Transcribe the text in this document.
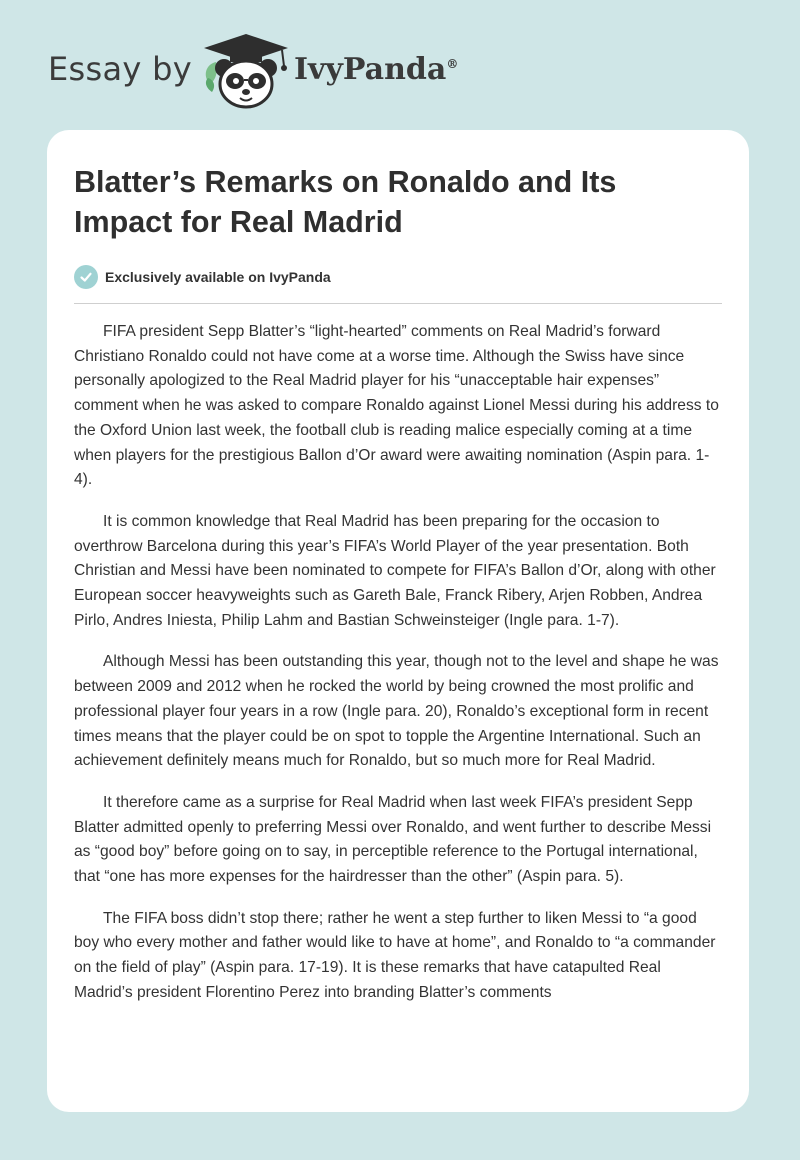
Essay by	IvyPanda®
Blatter’s Remarks on Ronaldo and Its Impact for Real Madrid
Exclusively available on IvyPanda

FIFA president Sepp Blatter’s “light-hearted” comments on Real Madrid’s forward Christiano Ronaldo could not have come at a worse time. Although the Swiss have since personally apologized to the Real Madrid player for his “unacceptable hair expenses” comment when he was asked to compare Ronaldo against Lionel Messi during his address to the Oxford Union last week, the football club is reading malice especially coming at a time when players for the prestigious Ballon d’Or award were awaiting nomination (Aspin para. 1-4).

It is common knowledge that Real Madrid has been preparing for the occasion to overthrow Barcelona during this year’s FIFA’s World Player of the year presentation. Both Christian and Messi have been nominated to compete for FIFA’s Ballon d’Or, along with other European soccer heavyweights such as Gareth Bale, Franck Ribery, Arjen Robben, Andrea Pirlo, Andres Iniesta, Philip Lahm and Bastian Schweinsteiger (Ingle para. 1-7).

Although Messi has been outstanding this year, though not to the level and shape he was between 2009 and 2012 when he rocked the world by being crowned the most prolific and professional player four years in a row (Ingle para. 20), Ronaldo’s exceptional form in recent times means that the player could be on spot to topple the Argentine International. Such an achievement definitely means much for Ronaldo, but so much more for Real Madrid.

It therefore came as a surprise for Real Madrid when last week FIFA’s president Sepp Blatter admitted openly to preferring Messi over Ronaldo, and went further to describe Messi as “good boy” before going on to say, in perceptible reference to the Portugal international, that “one has more expenses for the hairdresser than the other” (Aspin para. 5).

The FIFA boss didn’t stop there; rather he went a step further to liken Messi to “a good boy who every mother and father would like to have at home”, and Ronaldo to “a commander on the field of play” (Aspin para. 17-19). It is these remarks that have catapulted Real Madrid’s president Florentino Perez into branding Blatter’s comments
